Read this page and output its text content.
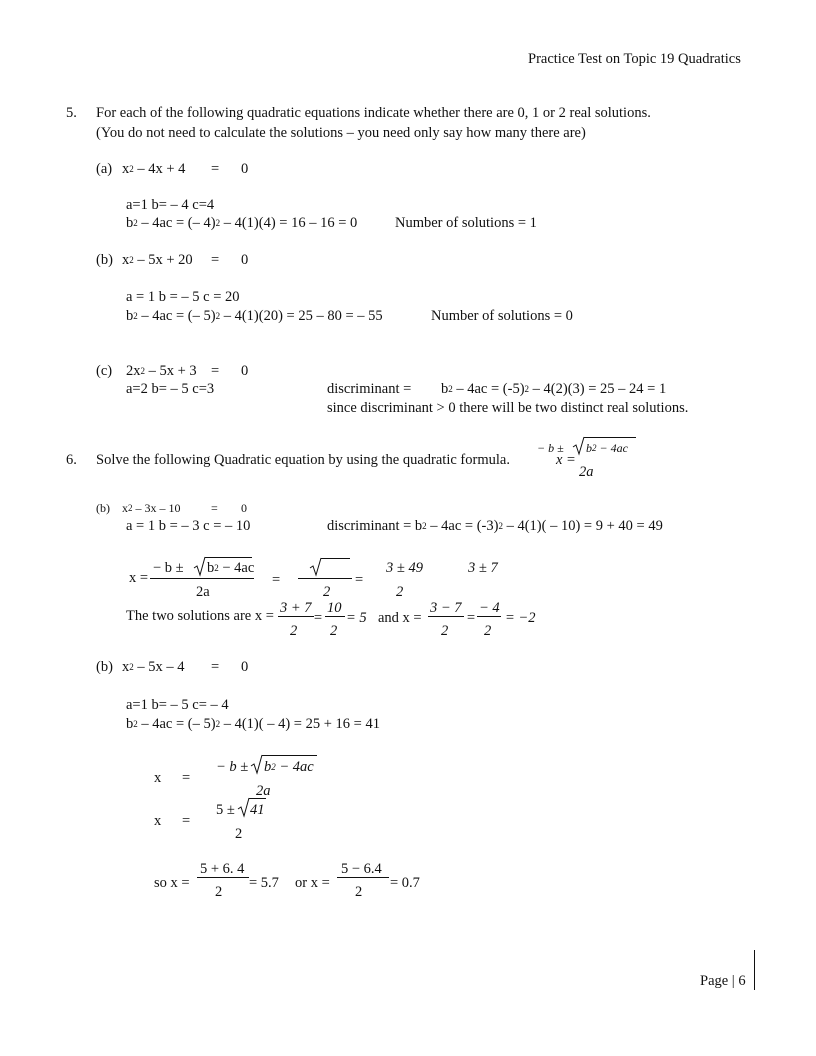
Practice Test on Topic 19 Quadratics
5. For each of the following quadratic equations indicate whether there are 0, 1 or 2 real solutions.
(You do not need to calculate the solutions – you need only say how many there are)
(a) x2 – 4x + 4 = 0
a=1 b= – 4 c=4
b2 – 4ac = (– 4)2 – 4(1)(4) = 16 – 16 = 0	Number of solutions = 1
(b) x2 – 5x + 20 = 0
a = 1 b = – 5 c = 20
b2 – 4ac = (– 5)2 – 4(1)(20) = 25 – 80 = – 55	Number of solutions = 0
(c) 2x2 – 5x + 3 = 0
a=2 b= – 5 c=3	discriminant = b2 – 4ac = (-5)2 – 4(2)(3) = 25 – 24 = 1
since discriminant > 0 there will be two distinct real solutions.
6. Solve the following Quadratic equation by using the quadratic formula.	x =
− b ± b2 − 4ac
2a
(b) x2 – 3x – 10	= 0
a = 1 b = – 3 c = – 10	discriminant = b2 – 4ac = (-3)2 – 4(1)( – 10) = 9 + 40 = 49
x =
− b ± b2 − 4ac
2a
=
2
=
3 ± 49
2
3 ± 7
The two solutions are x = 3 + 7
2
=
10
2
= 5 and x =
3 − 7
2
=
− 4
2
= −2
(b) x2 – 5x – 4 = 0
a=1 b= – 5 c= – 4
b2 – 4ac = (– 5)2 – 4(1)( – 4) = 25 + 16 = 41
x =
− b ± b2 − 4ac
2a
x =
5 ± 41
2
so x =
5 + 6. 4
2
= 5.7 or x =
5 − 6.4
2
= 0.7
Page | 6
